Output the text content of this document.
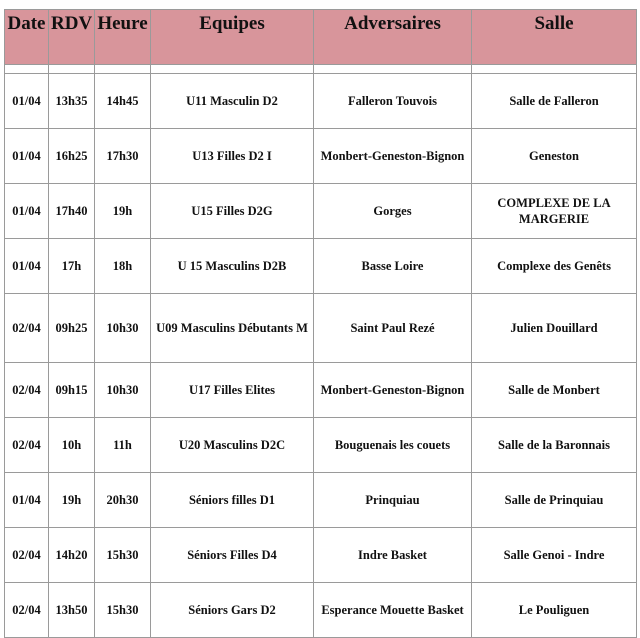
Date	RDV	Heure	Equipes	Adversaires	Salle

01/04	13h35	14h45	U11 Masculin D2	Falleron Touvois	Salle de Falleron
01/04	16h25	17h30	U13 Filles D2 I	Monbert-Geneston-Bignon	Geneston
01/04	17h40	19h	U15 Filles D2G	Gorges	COMPLEXE DE LA MARGERIE
01/04	17h	18h	U 15 Masculins D2B	Basse Loire	Complexe des Genêts
02/04	09h25	10h30	U09 Masculins Débutants M	Saint Paul Rezé	Julien Douillard
02/04	09h15	10h30	U17 Filles Elites	Monbert-Geneston-Bignon	Salle de Monbert
02/04	10h	11h	U20 Masculins D2C	Bouguenais les couets	Salle de la Baronnais
01/04	19h	20h30	Séniors filles D1	Prinquiau	Salle de Prinquiau
02/04	14h20	15h30	Séniors Filles D4	Indre Basket	Salle Genoi - Indre
02/04	13h50	15h30	Séniors Gars D2	Esperance Mouette Basket	Le Pouliguen
